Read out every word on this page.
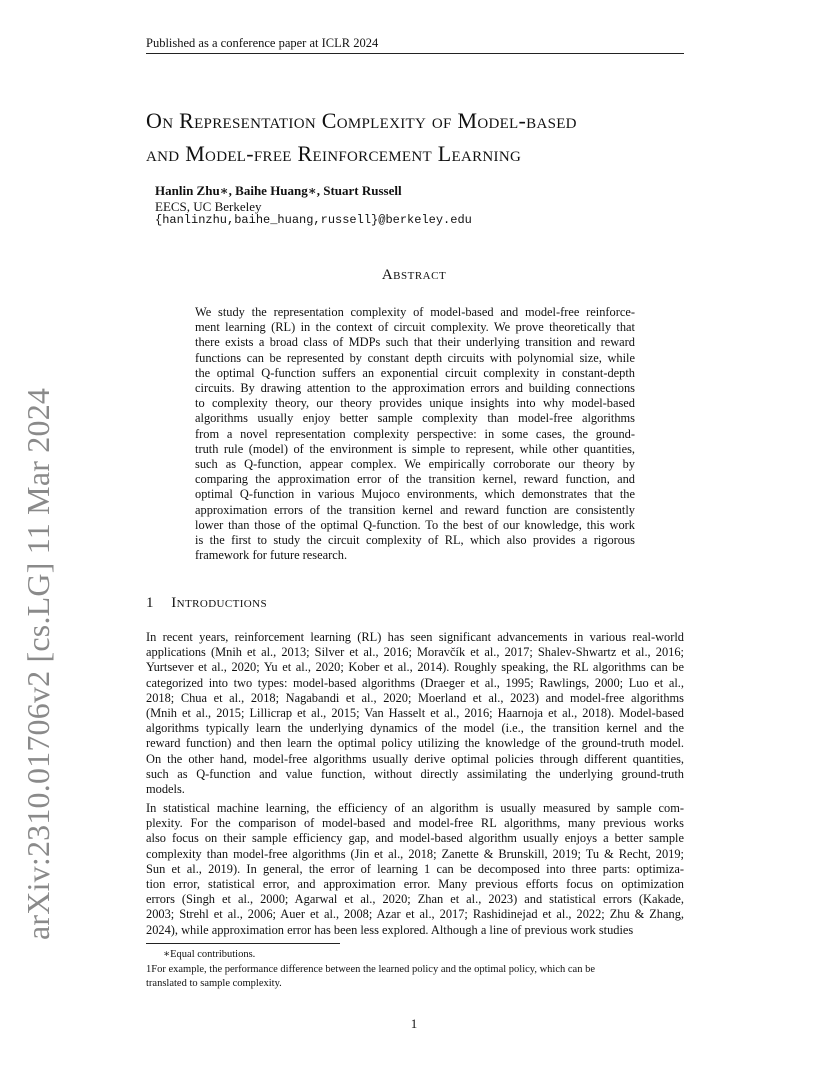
Published as a conference paper at ICLR 2024
arXiv:2310.01706v2 [cs.LG] 11 Mar 2024
On Representation Complexity of Model-based
and Model-free Reinforcement Learning
Hanlin Zhu∗, Baihe Huang∗, Stuart Russell
EECS, UC Berkeley
{hanlinzhu,baihe_huang,russell}@berkeley.edu
Abstract
We study the representation complexity of model-based and model-free reinforce-
ment learning (RL) in the context of circuit complexity. We prove theoretically that
there exists a broad class of MDPs such that their underlying transition and reward
functions can be represented by constant depth circuits with polynomial size, while
the optimal Q-function suffers an exponential circuit complexity in constant-depth
circuits. By drawing attention to the approximation errors and building connections
to complexity theory, our theory provides unique insights into why model-based
algorithms usually enjoy better sample complexity than model-free algorithms
from a novel representation complexity perspective: in some cases, the ground-
truth rule (model) of the environment is simple to represent, while other quantities,
such as Q-function, appear complex. We empirically corroborate our theory by
comparing the approximation error of the transition kernel, reward function, and
optimal Q-function in various Mujoco environments, which demonstrates that the
approximation errors of the transition kernel and reward function are consistently
lower than those of the optimal Q-function. To the best of our knowledge, this work
is the first to study the circuit complexity of RL, which also provides a rigorous
framework for future research.
1 Introductions
In recent years, reinforcement learning (RL) has seen significant advancements in various real-world
applications (Mnih et al., 2013; Silver et al., 2016; Moravčík et al., 2017; Shalev-Shwartz et al., 2016;
Yurtsever et al., 2020; Yu et al., 2020; Kober et al., 2014). Roughly speaking, the RL algorithms can be
categorized into two types: model-based algorithms (Draeger et al., 1995; Rawlings, 2000; Luo et al.,
2018; Chua et al., 2018; Nagabandi et al., 2020; Moerland et al., 2023) and model-free algorithms
(Mnih et al., 2015; Lillicrap et al., 2015; Van Hasselt et al., 2016; Haarnoja et al., 2018). Model-based
algorithms typically learn the underlying dynamics of the model (i.e., the transition kernel and the
reward function) and then learn the optimal policy utilizing the knowledge of the ground-truth model.
On the other hand, model-free algorithms usually derive optimal policies through different quantities,
such as Q-function and value function, without directly assimilating the underlying ground-truth
models.
In statistical machine learning, the efficiency of an algorithm is usually measured by sample com-
plexity. For the comparison of model-based and model-free RL algorithms, many previous works
also focus on their sample efficiency gap, and model-based algorithm usually enjoys a better sample
complexity than model-free algorithms (Jin et al., 2018; Zanette & Brunskill, 2019; Tu & Recht, 2019;
Sun et al., 2019). In general, the error of learning 1 can be decomposed into three parts: optimiza-
tion error, statistical error, and approximation error. Many previous efforts focus on optimization
errors (Singh et al., 2000; Agarwal et al., 2020; Zhan et al., 2023) and statistical errors (Kakade,
2003; Strehl et al., 2006; Auer et al., 2008; Azar et al., 2017; Rashidinejad et al., 2022; Zhu & Zhang,
2024), while approximation error has been less explored. Although a line of previous work studies
∗Equal contributions.
1For example, the performance difference between the learned policy and the optimal policy, which can be
translated to sample complexity.
1
